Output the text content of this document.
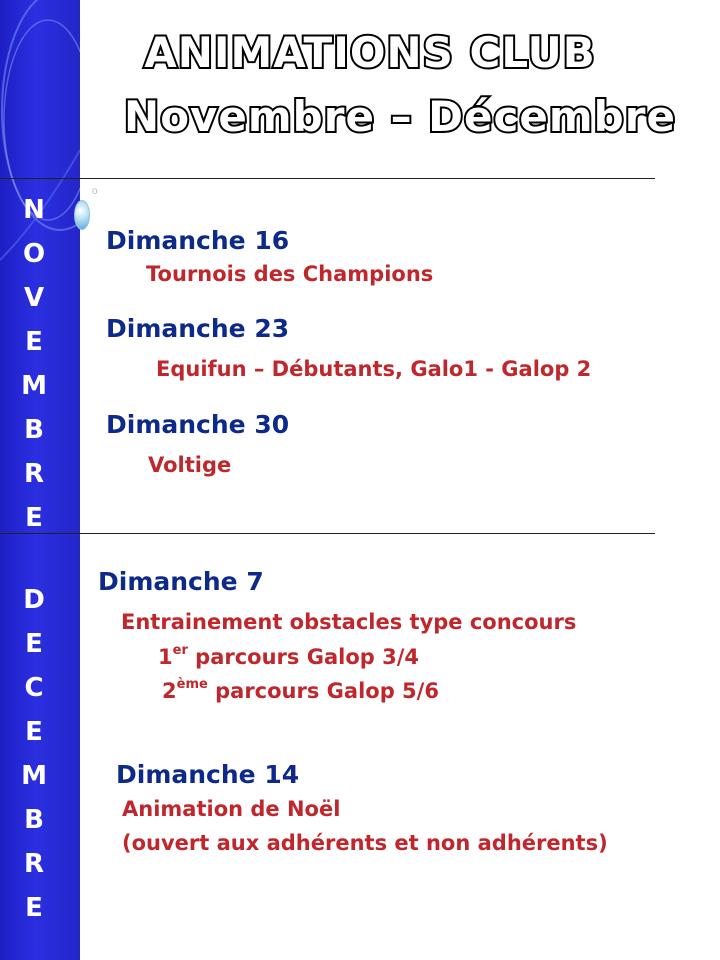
N
O
V
E
M
B
R
E
D
E
C
E
M
B
R
E
o
ANIMATIONS CLUB
Novembre – Décembre
Dimanche 16
Tournois des Champions
Dimanche 23
Equifun – Débutants, Galo1 - Galop 2
Dimanche 30
Voltige
Dimanche 7
Entrainement obstacles type concours
1er parcours Galop 3/4
2ème parcours Galop 5/6
Dimanche 14
Animation de Noël
(ouvert aux adhérents et non adhérents)
